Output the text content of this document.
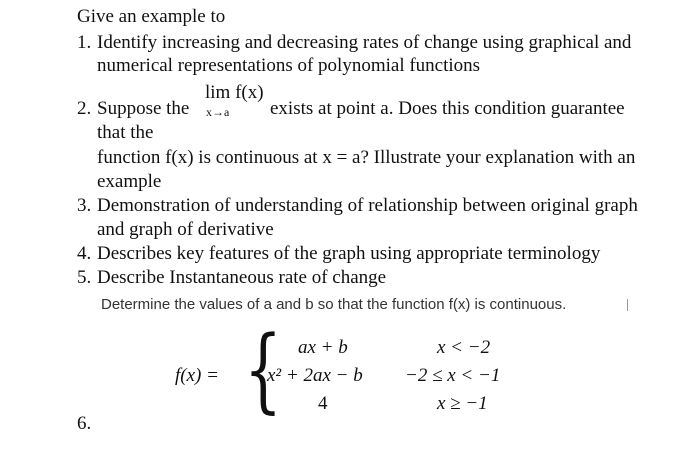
Give an example to
1. Identify increasing and decreasing rates of change using graphical and
numerical representations of polynomial functions
lim f(x)
2. Suppose the x→a exists at point a. Does this condition guarantee
that the
function f(x) is continuous at x = a? Illustrate your explanation with an
example
3. Demonstration of understanding of relationship between original graph
and graph of derivative
4. Describes key features of the graph using appropriate terminology
5. Describe Instantaneous rate of change
Determine the values of a and b so that the function f(x) is continuous.
f(x) = { ax + b	x < −2
x² + 2ax − b −2 ≤ x < −1
4	x ≥ −1
6.
